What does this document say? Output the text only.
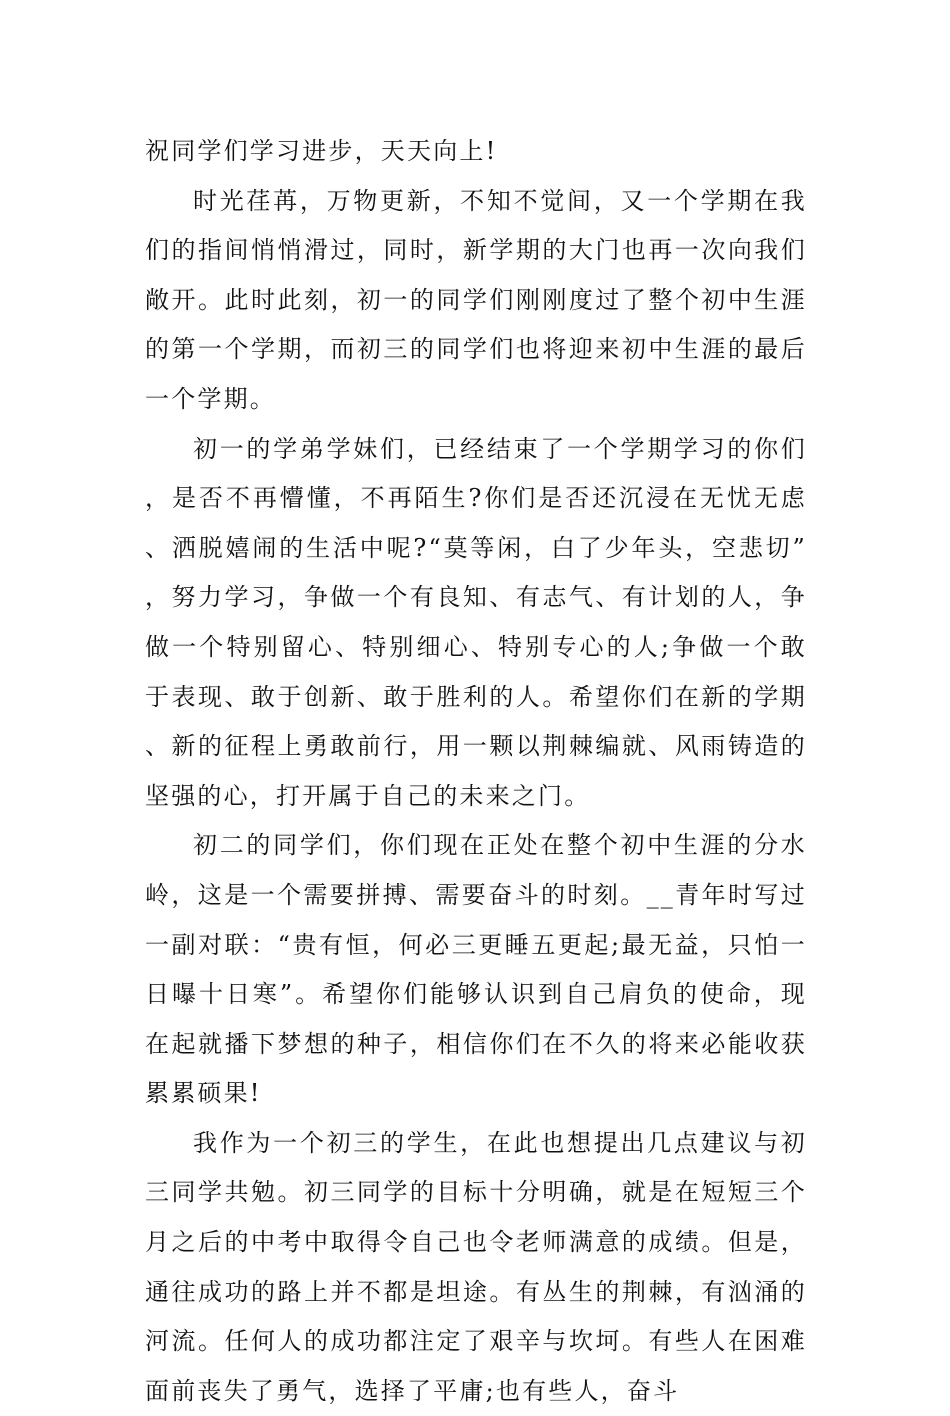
祝同学们学习进步，天天向上!

时光荏苒，万物更新，不知不觉间，又一个学期在我们的指间悄悄滑过，同时，新学期的大门也再一次向我们敞开。此时此刻，初一的同学们刚刚度过了整个初中生涯的第一个学期，而初三的同学们也将迎来初中生涯的最后一个学期。

初一的学弟学妹们，已经结束了一个学期学习的你们，是否不再懵懂，不再陌生?你们是否还沉浸在无忧无虑、洒脱嬉闹的生活中呢?“莫等闲，白了少年头，空悲切”，努力学习，争做一个有良知、有志气、有计划的人，争做一个特别留心、特别细心、特别专心的人;争做一个敢于表现、敢于创新、敢于胜利的人。希望你们在新的学期、新的征程上勇敢前行，用一颗以荆棘编就、风雨铸造的坚强的心，打开属于自己的未来之门。

初二的同学们，你们现在正处在整个初中生涯的分水岭，这是一个需要拼搏、需要奋斗的时刻。__青年时写过一副对联：“贵有恒，何必三更睡五更起;最无益，只怕一日曝十日寒”。希望你们能够认识到自己肩负的使命，现在起就播下梦想的种子，相信你们在不久的将来必能收获累累硕果!

我作为一个初三的学生，在此也想提出几点建议与初三同学共勉。初三同学的目标十分明确，就是在短短三个月之后的中考中取得令自己也令老师满意的成绩。但是，通往成功的路上并不都是坦途。有丛生的荆棘，有汹涌的河流。任何人的成功都注定了艰辛与坎坷。有些人在困难面前丧失了勇气，选择了平庸;也有些人，奋斗
